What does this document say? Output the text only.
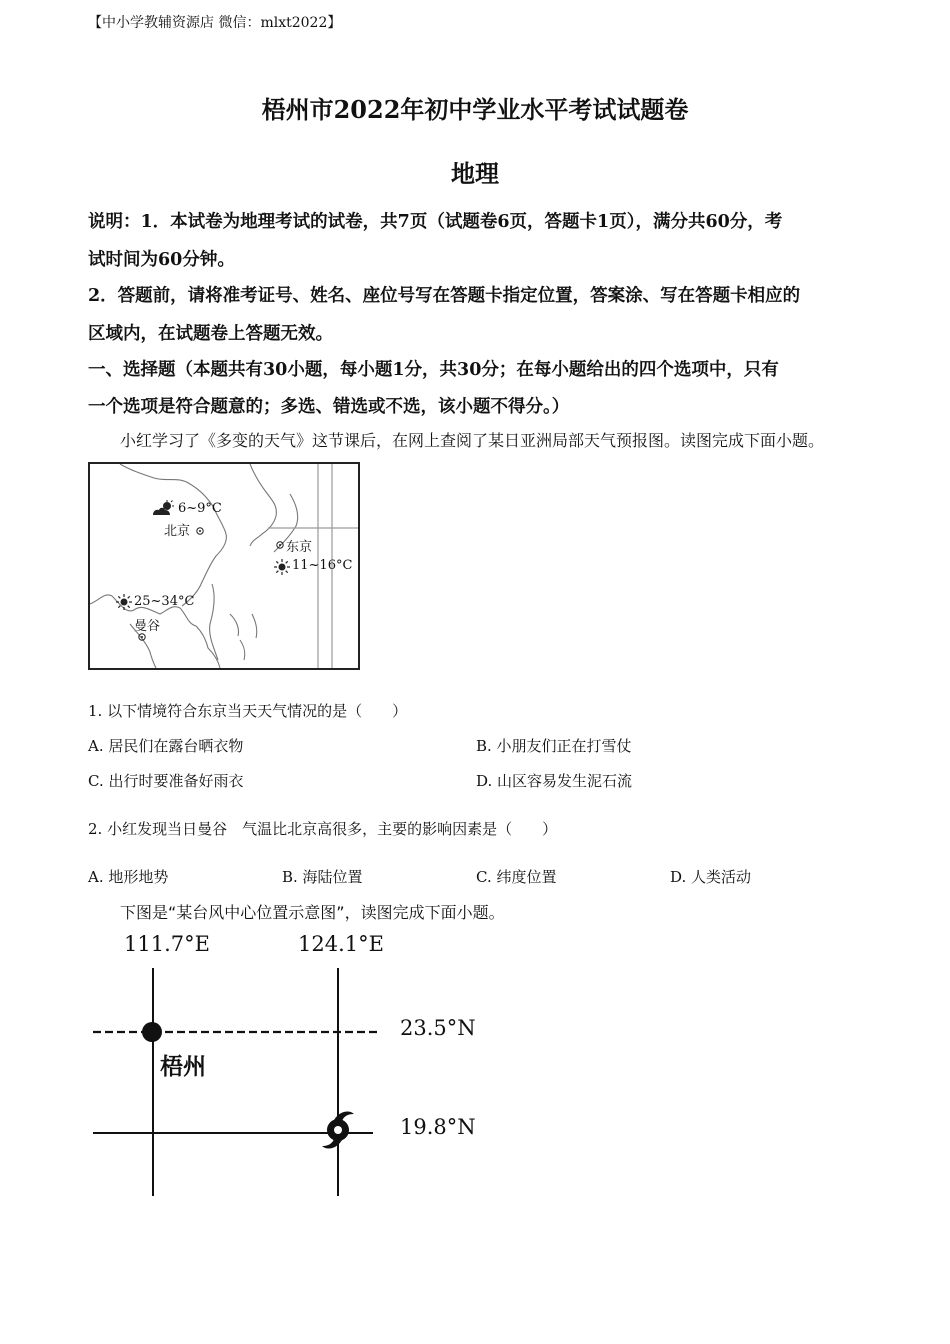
【中小学教辅资源店 微信：mlxt2022】
梧州市2022年初中学业水平考试试题卷
地理
说明：1．本试卷为地理考试的试卷，共7页（试题卷6页，答题卡1页），满分共60分，考
试时间为60分钟。
2．答题前，请将准考证号、姓名、座位号写在答题卡指定位置，答案涂、写在答题卡相应的
区域内，在试题卷上答题无效。
一、选择题（本题共有30小题，每小题1分，共30分；在每小题给出的四个选项中，只有
一个选项是符合题意的；多选、错选或不选，该小题不得分。）
小红学习了《多变的天气》这节课后，在网上查阅了某日亚洲局部天气预报图。读图完成下面小题。
6~9°C
北京
东京
11~16°C
25~34°C
曼谷
1. 以下情境符合东京当天天气情况的是（　　）
A. 居民们在露台晒衣物	B. 小朋友们正在打雪仗
C. 出行时要准备好雨衣	D. 山区容易发生泥石流
2. 小红发现当日曼谷　气温比北京高很多，主要的影响因素是（　　）
A. 地形地势	B. 海陆位置	C. 纬度位置	D. 人类活动
下图是“某台风中心位置示意图”，读图完成下面小题。
111.7°E	124.1°E
23.5°N
19.8°N
梧州
